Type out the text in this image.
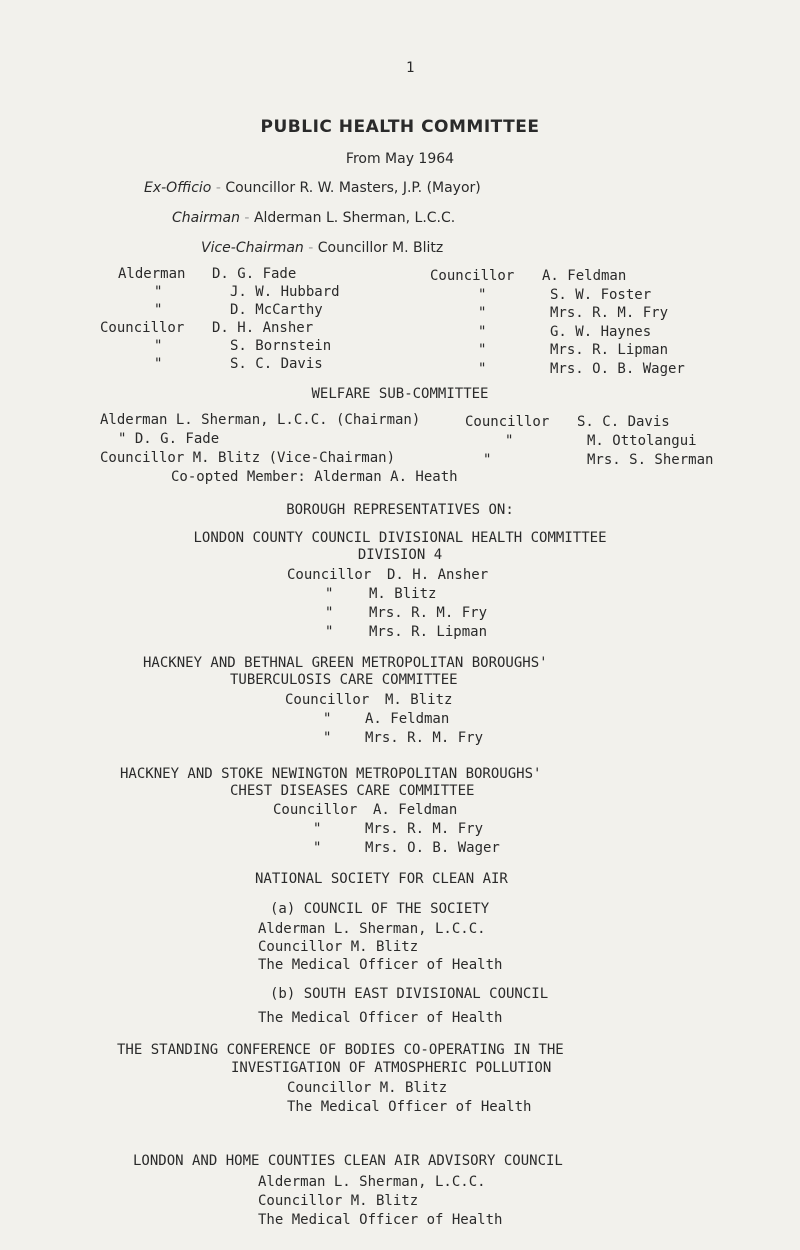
1
PUBLIC HEALTH COMMITTEE
From May 1964
Ex-Officio - Councillor R. W. Masters, J.P. (Mayor)
Chairman - Alderman L. Sherman, L.C.C.
Vice-Chairman - Councillor M. Blitz
Alderman D. G. Fade
"	J. W. Hubbard
"	D. McCarthy
Councillor D. H. Ansher
"	S. Bornstein
"	S. C. Davis
Councillor A. Feldman
"	S. W. Foster
"	Mrs. R. M. Fry
"	G. W. Haynes
"	Mrs. R. Lipman
"	Mrs. O. B. Wager
WELFARE SUB-COMMITTEE
Alderman L. Sherman, L.C.C. (Chairman)
" D. G. Fade
Councillor M. Blitz (Vice-Chairman)
Councillor S. C. Davis
"	M. Ottolangui
"	Mrs. S. Sherman
Co-opted Member: Alderman A. Heath
BOROUGH REPRESENTATIVES ON:
LONDON COUNTY COUNCIL DIVISIONAL HEALTH COMMITTEE
DIVISION 4
Councillor D. H. Ansher
"	M. Blitz
"	Mrs. R. M. Fry
"	Mrs. R. Lipman
HACKNEY AND BETHNAL GREEN METROPOLITAN BOROUGHS'
TUBERCULOSIS CARE COMMITTEE
Councillor M. Blitz
" A. Feldman
" Mrs. R. M. Fry
HACKNEY AND STOKE NEWINGTON METROPOLITAN BOROUGHS'
CHEST DISEASES CARE COMMITTEE
Councillor A. Feldman
"	Mrs. R. M. Fry
"	Mrs. O. B. Wager
NATIONAL SOCIETY FOR CLEAN AIR
(a) COUNCIL OF THE SOCIETY
Alderman L. Sherman, L.C.C.
Councillor M. Blitz
The Medical Officer of Health
(b) SOUTH EAST DIVISIONAL COUNCIL
The Medical Officer of Health
THE STANDING CONFERENCE OF BODIES CO-OPERATING IN THE
INVESTIGATION OF ATMOSPHERIC POLLUTION
Councillor M. Blitz
The Medical Officer of Health
LONDON AND HOME COUNTIES CLEAN AIR ADVISORY COUNCIL
Alderman L. Sherman, L.C.C.
Councillor M. Blitz
The Medical Officer of Health
